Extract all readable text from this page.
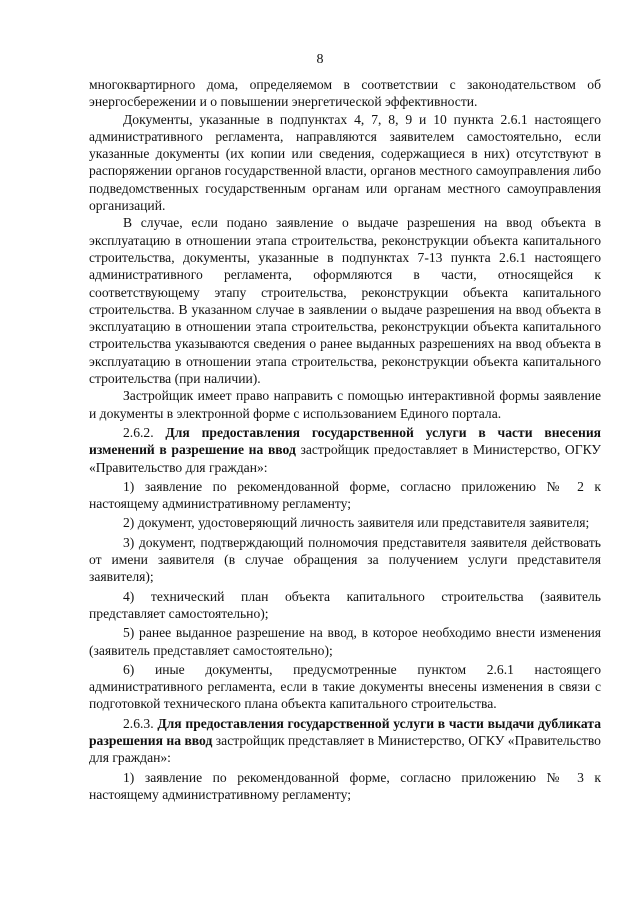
8

многоквартирного дома, определяемом в соответствии с законодательством об энергосбережении и о повышении энергетической эффективности.

Документы, указанные в подпунктах 4, 7, 8, 9 и 10 пункта 2.6.1 настоящего административного регламента, направляются заявителем самостоятельно, если указанные документы (их копии или сведения, содержащиеся в них) отсутствуют в распоряжении органов государственной власти, органов местного самоуправления либо подведомственных государственным органам или органам местного самоуправления организаций.

В случае, если подано заявление о выдаче разрешения на ввод объекта в эксплуатацию в отношении этапа строительства, реконструкции объекта капитального строительства, документы, указанные в подпунктах 7-13 пункта 2.6.1 настоящего административного регламента, оформляются в части, относящейся к соответствующему этапу строительства, реконструкции объекта капитального строительства. В указанном случае в заявлении о выдаче разрешения на ввод объекта в эксплуатацию в отношении этапа строительства, реконструкции объекта капитального строительства указываются сведения о ранее выданных разрешениях на ввод объекта в эксплуатацию в отношении этапа строительства, реконструкции объекта капитального строительства (при наличии).

Застройщик имеет право направить с помощью интерактивной формы заявление и документы в электронной форме с использованием Единого портала.

2.6.2. Для предоставления государственной услуги в части внесения изменений в разрешение на ввод застройщик предоставляет в Министерство, ОГКУ «Правительство для граждан»:

1) заявление по рекомендованной форме, согласно приложению № 2 к настоящему административному регламенту;

2) документ, удостоверяющий личность заявителя или представителя заявителя;

3) документ, подтверждающий полномочия представителя заявителя действовать от имени заявителя (в случае обращения за получением услуги представителя заявителя);

4) технический план объекта капитального строительства (заявитель представляет самостоятельно);

5) ранее выданное разрешение на ввод, в которое необходимо внести изменения (заявитель представляет самостоятельно);

6) иные документы, предусмотренные пунктом 2.6.1 настоящего административного регламента, если в такие документы внесены изменения в связи с подготовкой технического плана объекта капитального строительства.

2.6.3. Для предоставления государственной услуги в части выдачи дубликата разрешения на ввод застройщик представляет в Министерство, ОГКУ «Правительство для граждан»:

1) заявление по рекомендованной форме, согласно приложению № 3 к настоящему административному регламенту;
